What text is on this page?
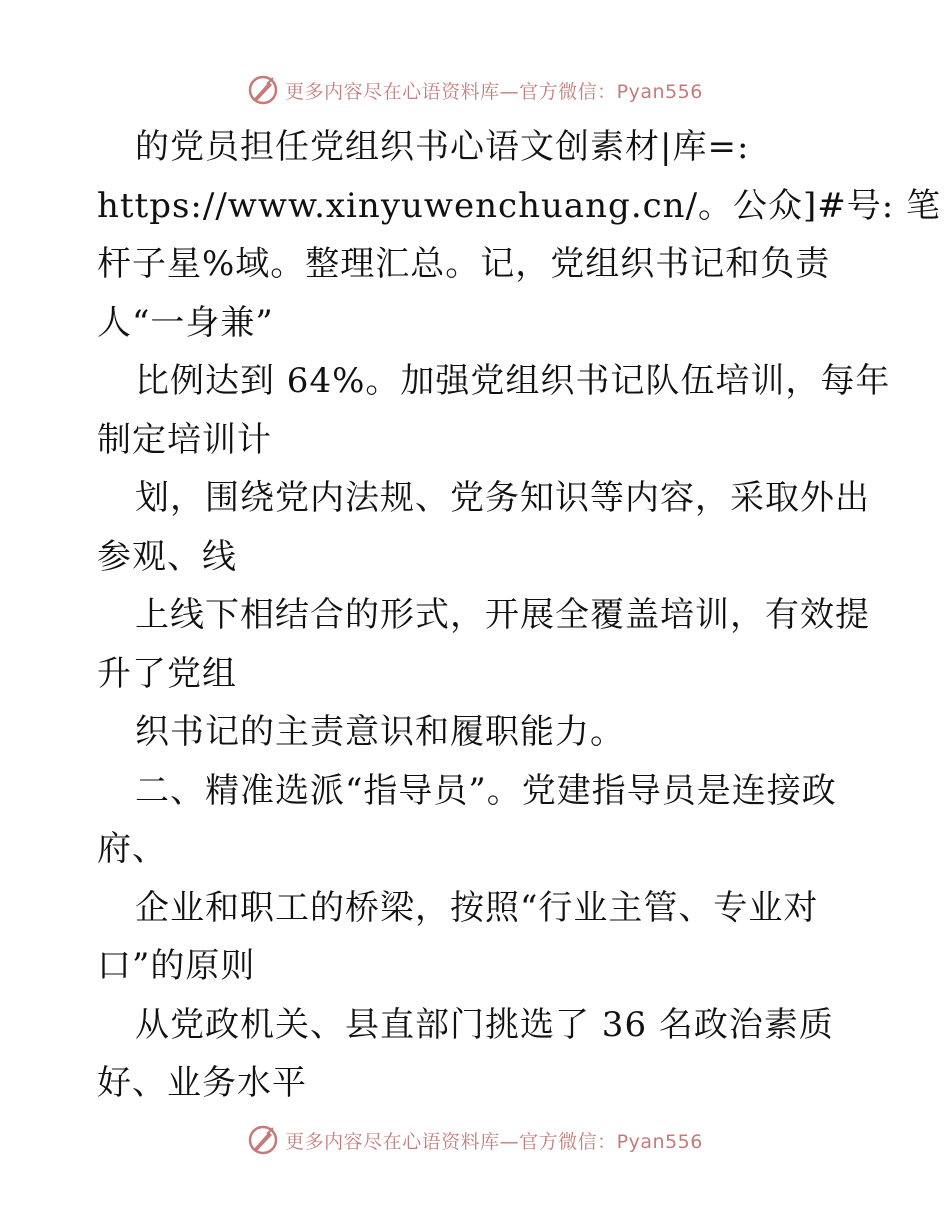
更多内容尽在心语资料库—官方微信：Pyan556
的党员担任党组织书心语文创素材|库=:
https://www.xinyuwenchuang.cn/。公众]#号: 笔
杆子星%域。整理汇总。记，党组织书记和负责
人“一身兼”
比例达到 64%。加强党组织书记队伍培训，每年
制定培训计
划，围绕党内法规、党务知识等内容，采取外出
参观、线
上线下相结合的形式，开展全覆盖培训，有效提
升了党组
织书记的主责意识和履职能力。
二、精准选派“指导员”。党建指导员是连接政
府、
企业和职工的桥梁，按照“行业主管、专业对
口”的原则
从党政机关、县直部门挑选了 36 名政治素质
好、业务水平
更多内容尽在心语资料库—官方微信：Pyan556
